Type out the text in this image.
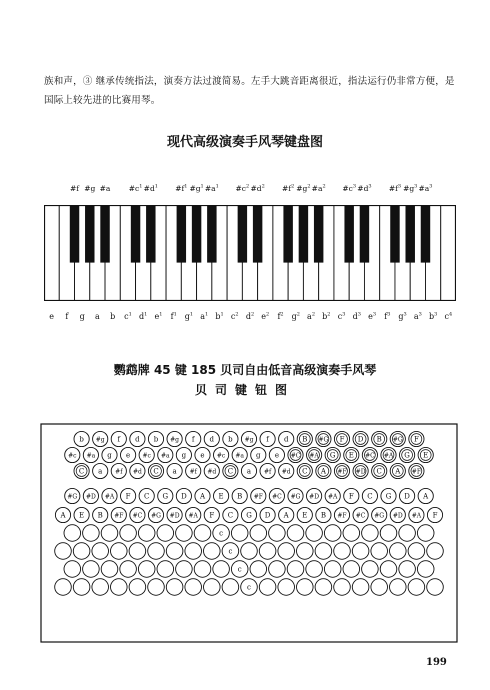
族和声，③ 继承传统指法，演奏方法过渡简易。左手大跳音距离很近，指法运行仍非常方便，是
国际上较先进的比赛用琴。
现代高级演奏手风琴键盘图
#f #g #a $\#c^1$ $\#d^1$ $\#f^1$ $\#g^1$ $\#a^1$ $\#c^2$ $\#d^2$ $\#f^2$ $\#g^2$ $\#a^2$ $\#c^3$ $\#d^3$ $\#f^3$ $\#g^3$ $\#a^3$
e f g a b $c^1$ $d^1$ $e^1$ $f^1$ $g^1$ $a^1$ $b^1$ $c^2$ $d^2$ $e^2$ $f^2$ $g^2$ $a^2$ $b^2$ $c^3$ $d^3$ $e^3$ $f^3$ $g^3$ $a^3$ $b^3$ $c^4$
鹦鹉牌 45 键 185 贝司自由低音高级演奏手风琴
贝司键钮图
b #g f d b #g f d b #g f d B #G F D B #G F
#c #a g e #c #a g e #c #a g e #C #A G E #C #A G E
C a #f #d C a #f #d C a #f #d C A #F #D C A #F
#G #D #A F C G D A E B #F #C #G #D #A F C G D A
A E B #F #C #G #D #A F C G D A E B #F #C #G #D #A F
c
c
c
c
199
